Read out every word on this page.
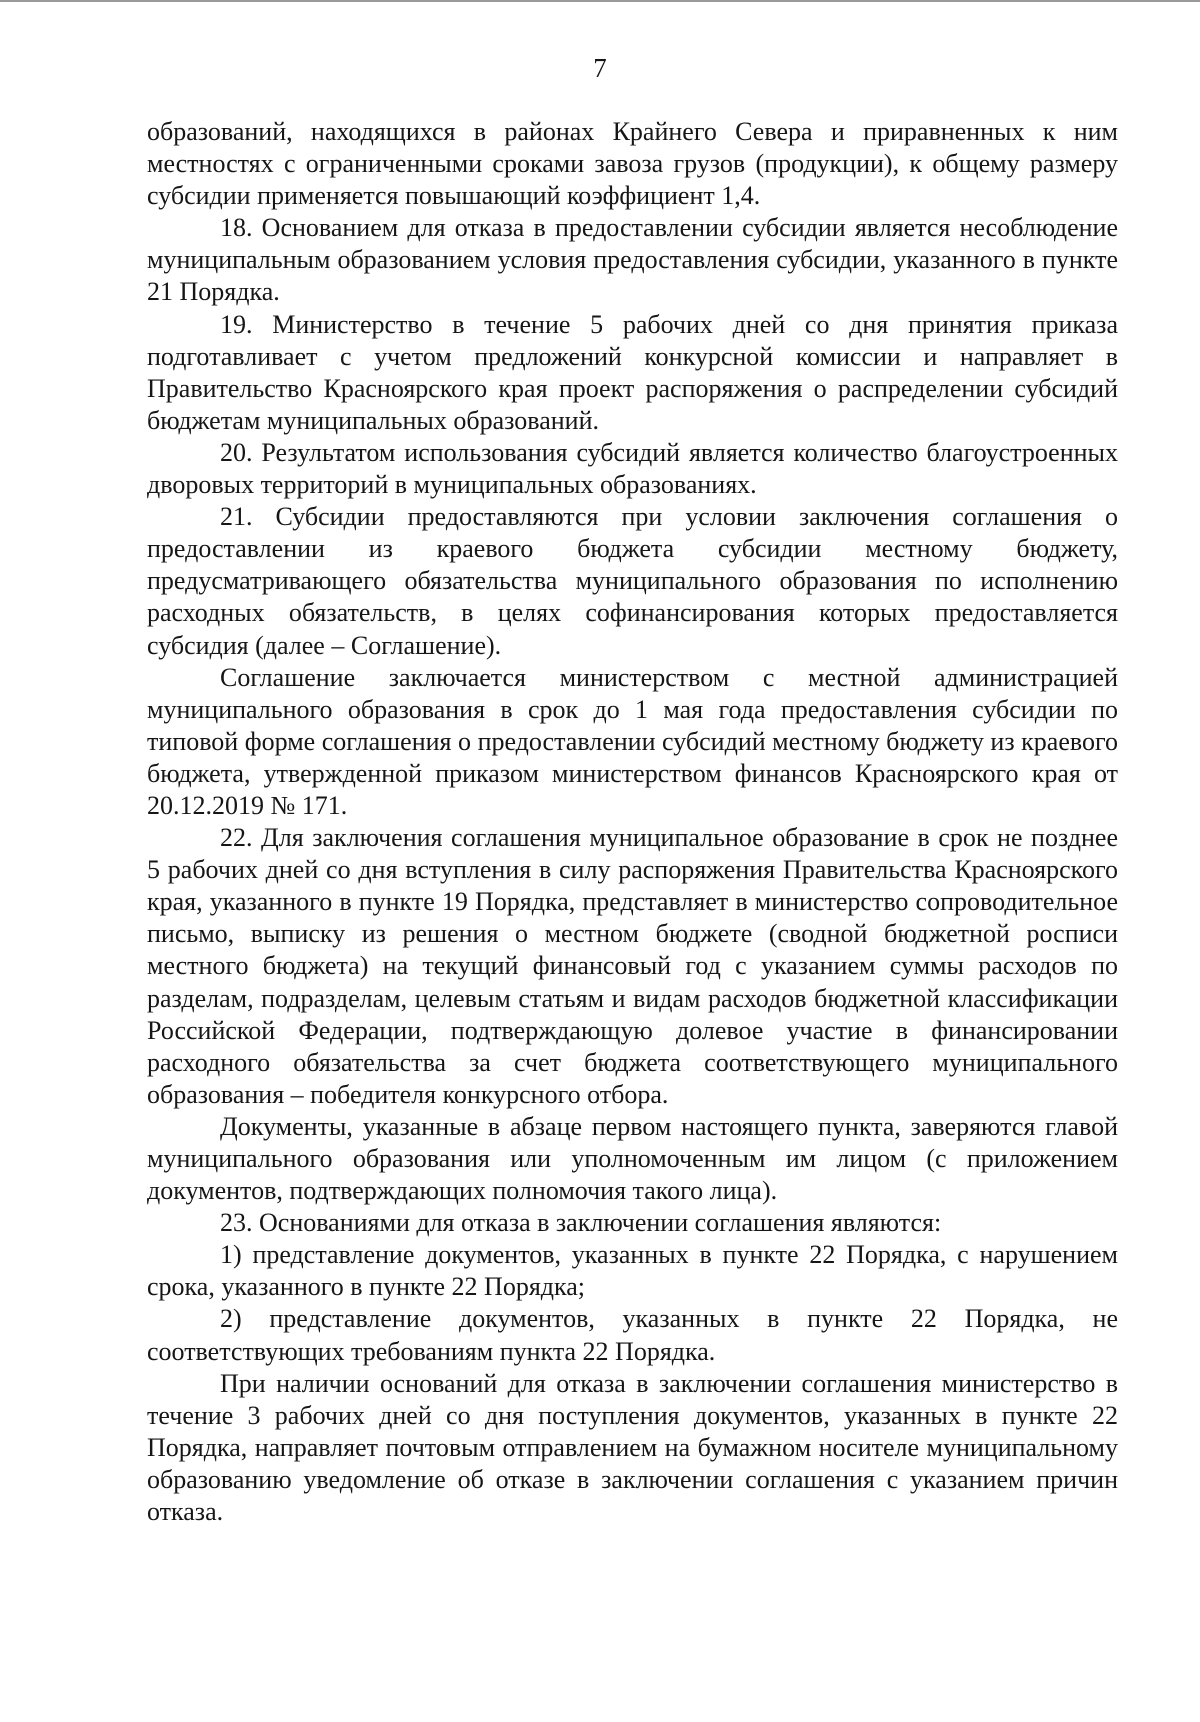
7

образований, находящихся в районах Крайнего Севера и приравненных к ним местностях с ограниченными сроками завоза грузов (продукции), к общему размеру субсидии применяется повышающий коэффициент 1,4.

18. Основанием для отказа в предоставлении субсидии является несоблюдение муниципальным образованием условия предоставления субсидии, указанного в пункте 21 Порядка.

19. Министерство в течение 5 рабочих дней со дня принятия приказа подготавливает с учетом предложений конкурсной комиссии и направляет в Правительство Красноярского края проект распоряжения о распределении субсидий бюджетам муниципальных образований.

20. Результатом использования субсидий является количество благоустроенных дворовых территорий в муниципальных образованиях.

21. Субсидии предоставляются при условии заключения соглашения о предоставлении из краевого бюджета субсидии местному бюджету, предусматривающего обязательства муниципального образования по исполнению расходных обязательств, в целях софинансирования которых предоставляется субсидия (далее – Соглашение).

Соглашение заключается министерством с местной администрацией муниципального образования в срок до 1 мая года предоставления субсидии по типовой форме соглашения о предоставлении субсидий местному бюджету из краевого бюджета, утвержденной приказом министерством финансов Красноярского края от 20.12.2019 № 171.

22. Для заключения соглашения муниципальное образование в срок не позднее 5 рабочих дней со дня вступления в силу распоряжения Правительства Красноярского края, указанного в пункте 19 Порядка, представляет в министерство сопроводительное письмо, выписку из решения о местном бюджете (сводной бюджетной росписи местного бюджета) на текущий финансовый год с указанием суммы расходов по разделам, подразделам, целевым статьям и видам расходов бюджетной классификации Российской Федерации, подтверждающую долевое участие в финансировании расходного обязательства за счет бюджета соответствующего муниципального образования – победителя конкурсного отбора.

Документы, указанные в абзаце первом настоящего пункта, заверяются главой муниципального образования или уполномоченным им лицом (с приложением документов, подтверждающих полномочия такого лица).

23. Основаниями для отказа в заключении соглашения являются:

1) представление документов, указанных в пункте 22 Порядка, с нарушением срока, указанного в пункте 22 Порядка;

2) представление документов, указанных в пункте 22 Порядка, не соответствующих требованиям пункта 22 Порядка.

При наличии оснований для отказа в заключении соглашения министерство в течение 3 рабочих дней со дня поступления документов, указанных в пункте 22 Порядка, направляет почтовым отправлением на бумажном носителе муниципальному образованию уведомление об отказе в заключении соглашения с указанием причин отказа.
